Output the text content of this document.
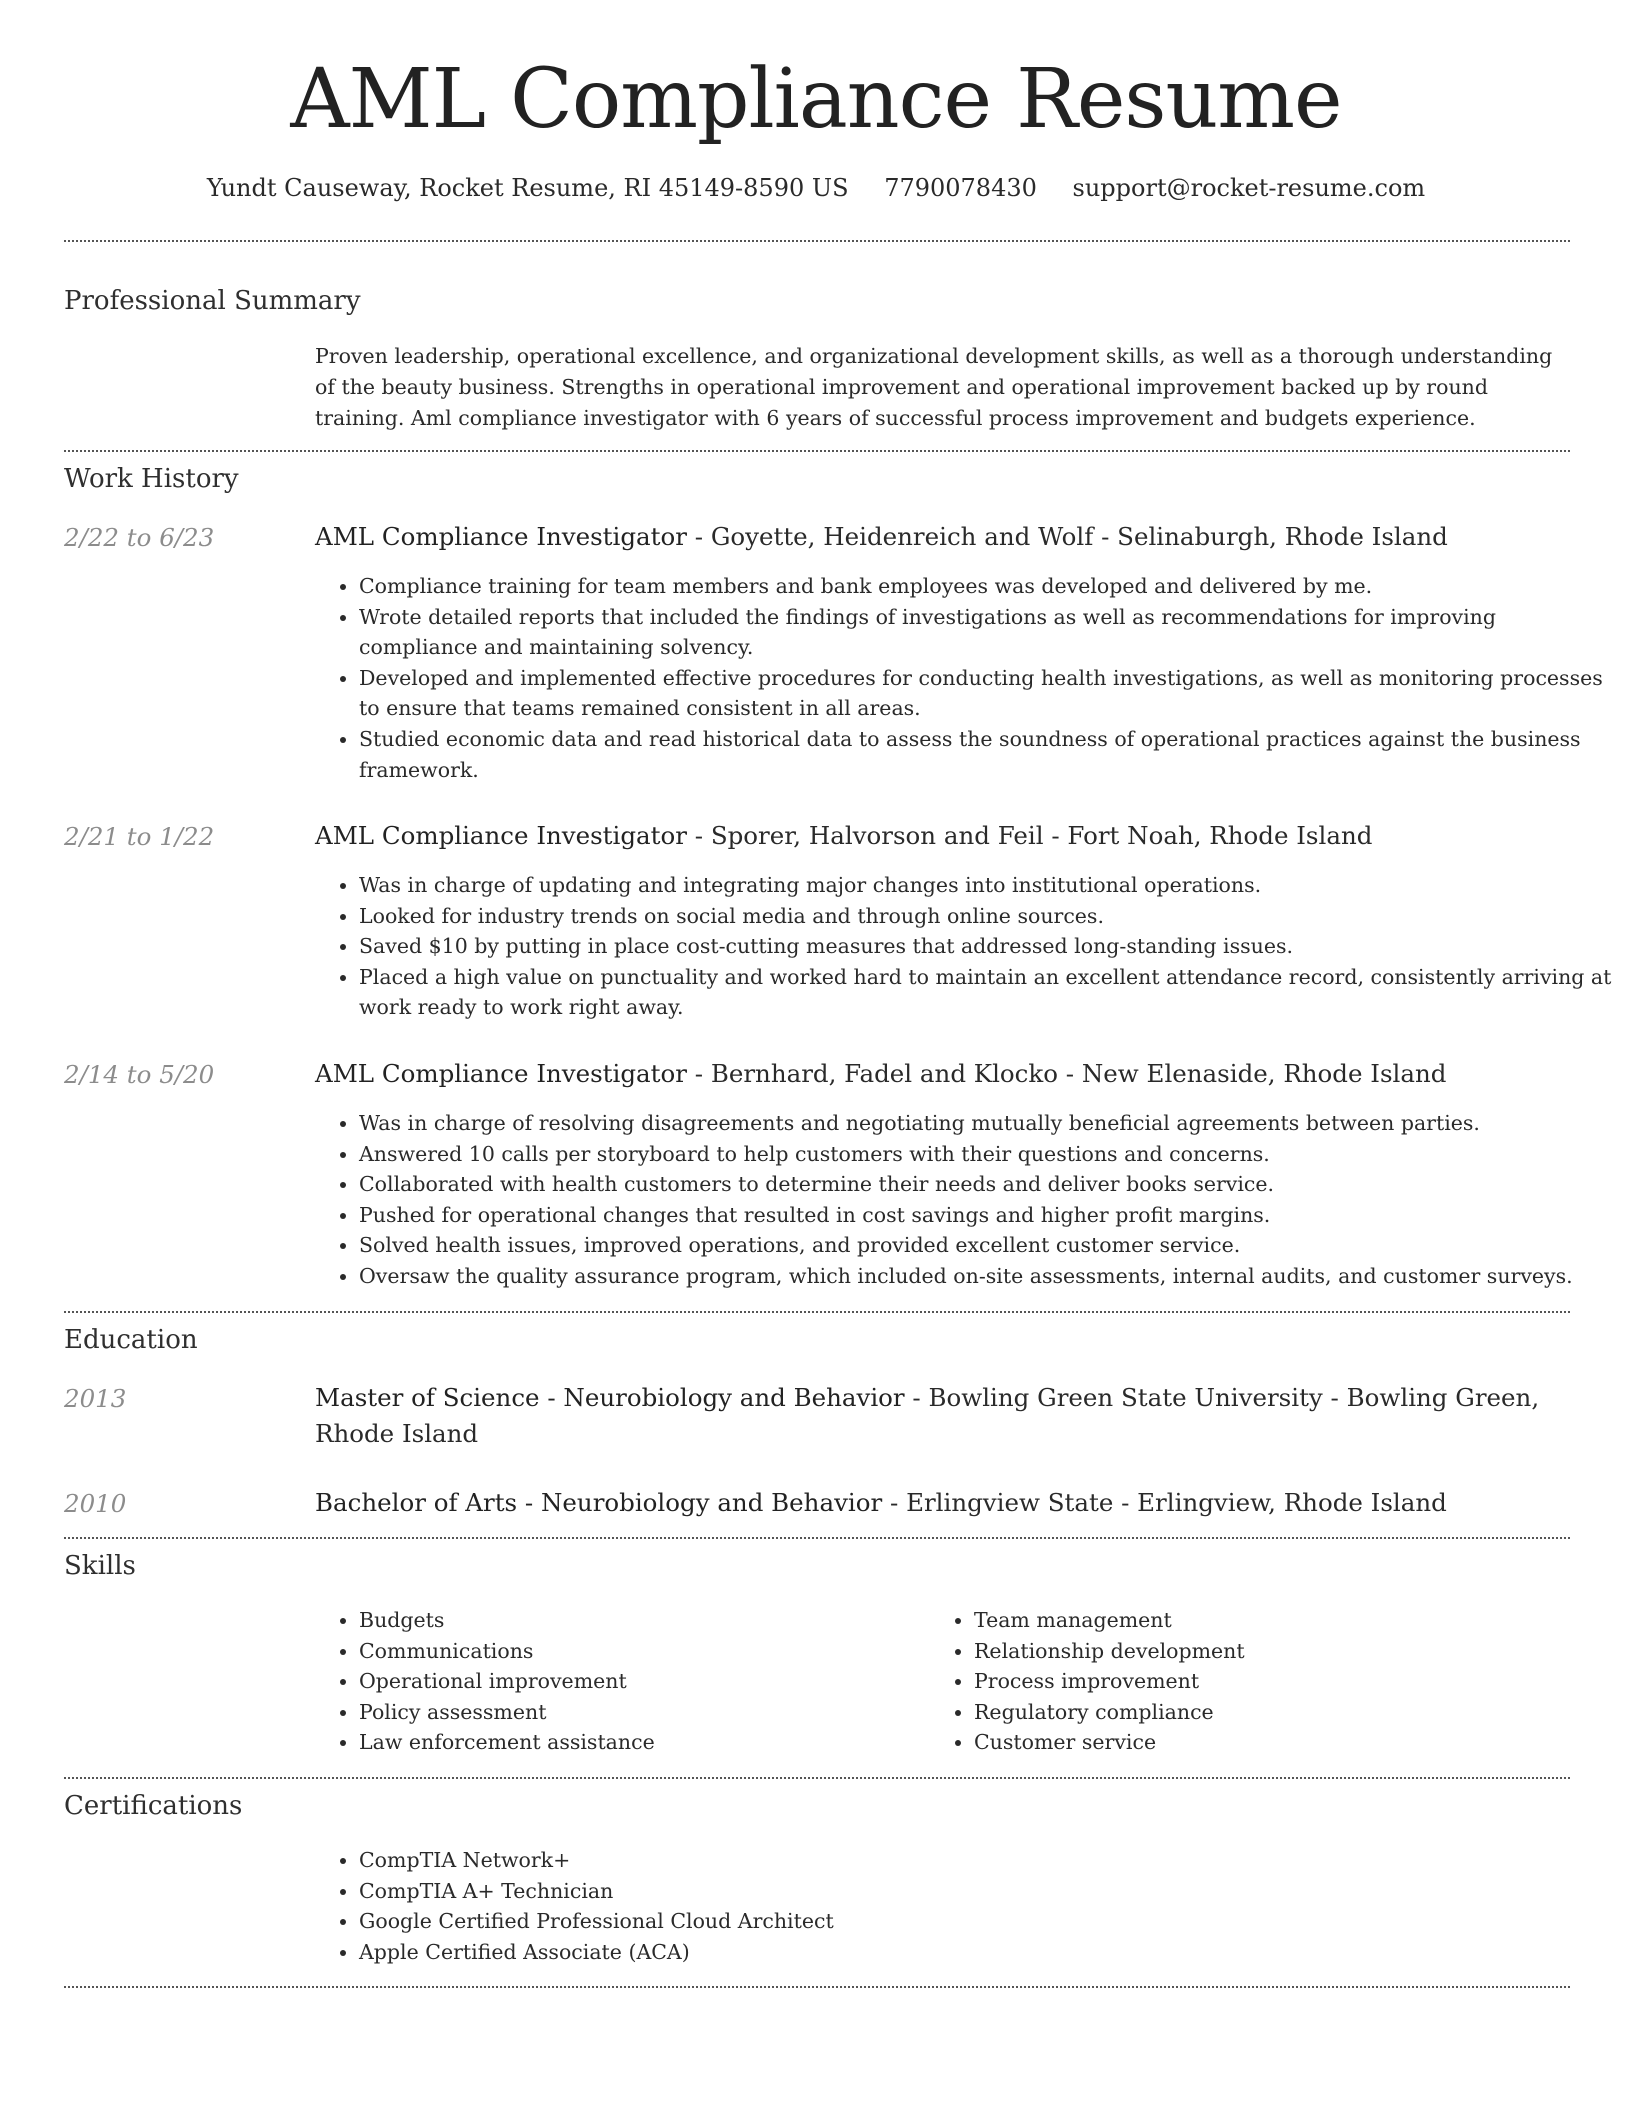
AML Compliance Resume
Yundt Causeway, Rocket Resume, RI 45149-8590 US 7790078430 support@rocket-resume.com
Professional Summary
Proven leadership, operational excellence, and organizational development skills, as well as a thorough understanding of the beauty business. Strengths in operational improvement and operational improvement backed up by round training. Aml compliance investigator with 6 years of successful process improvement and budgets experience.
Work History
2/22 to 6/23	AML Compliance Investigator - Goyette, Heidenreich and Wolf - Selinaburgh, Rhode Island
• Compliance training for team members and bank employees was developed and delivered by me.
• Wrote detailed reports that included the findings of investigations as well as recommendations for improving compliance and maintaining solvency.
• Developed and implemented effective procedures for conducting health investigations, as well as monitoring processes to ensure that teams remained consistent in all areas.
• Studied economic data and read historical data to assess the soundness of operational practices against the business framework.
2/21 to 1/22	AML Compliance Investigator - Sporer, Halvorson and Feil - Fort Noah, Rhode Island
• Was in charge of updating and integrating major changes into institutional operations.
• Looked for industry trends on social media and through online sources.
• Saved $10 by putting in place cost-cutting measures that addressed long-standing issues.
• Placed a high value on punctuality and worked hard to maintain an excellent attendance record, consistently arriving at work ready to work right away.
2/14 to 5/20	AML Compliance Investigator - Bernhard, Fadel and Klocko - New Elenaside, Rhode Island
• Was in charge of resolving disagreements and negotiating mutually beneficial agreements between parties.
• Answered 10 calls per storyboard to help customers with their questions and concerns.
• Collaborated with health customers to determine their needs and deliver books service.
• Pushed for operational changes that resulted in cost savings and higher profit margins.
• Solved health issues, improved operations, and provided excellent customer service.
• Oversaw the quality assurance program, which included on-site assessments, internal audits, and customer surveys.
Education
2013	Master of Science - Neurobiology and Behavior - Bowling Green State University - Bowling Green, Rhode Island
2010	Bachelor of Arts - Neurobiology and Behavior - Erlingview State - Erlingview, Rhode Island
Skills
• Budgets
• Communications
• Operational improvement
• Policy assessment
• Law enforcement assistance
• Team management
• Relationship development
• Process improvement
• Regulatory compliance
• Customer service
Certifications
• CompTIA Network+
• CompTIA A+ Technician
• Google Certified Professional Cloud Architect
• Apple Certified Associate (ACA)
